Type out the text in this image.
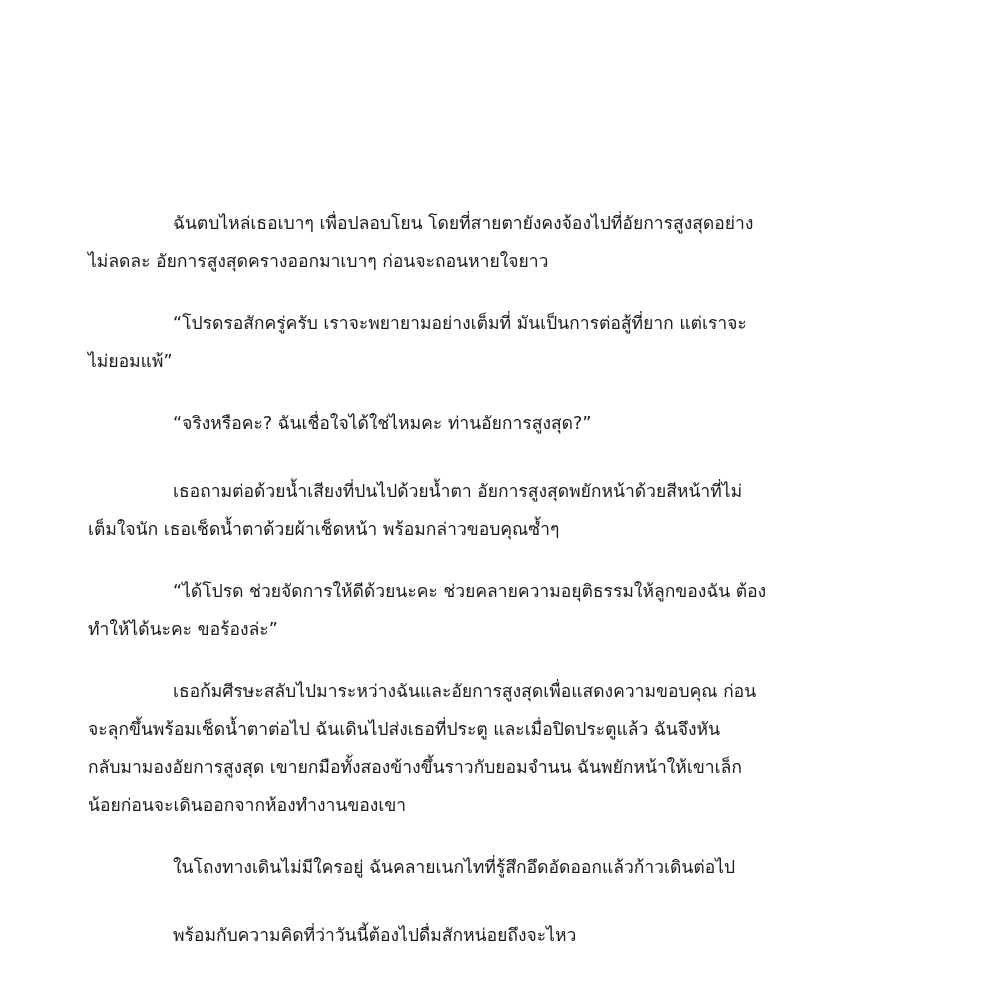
ฉันตบไหล่เธอเบาๆ เพื่อปลอบโยน โดยที่สายตายังคงจ้องไปที่อัยการสูงสุดอย่าง
ไม่ลดละ อัยการสูงสุดครางออกมาเบาๆ ก่อนจะถอนหายใจยาว

“โปรดรอสักครู่ครับ เราจะพยายามอย่างเต็มที่ มันเป็นการต่อสู้ที่ยาก แต่เราจะ
ไม่ยอมแพ้”

“จริงหรือคะ? ฉันเชื่อใจได้ใช่ไหมคะ ท่านอัยการสูงสุด?”

เธอถามต่อด้วยน้ำเสียงที่ปนไปด้วยน้ำตา อัยการสูงสุดพยักหน้าด้วยสีหน้าที่ไม่
เต็มใจนัก เธอเช็ดน้ำตาด้วยผ้าเช็ดหน้า พร้อมกล่าวขอบคุณซ้ำๆ

“ได้โปรด ช่วยจัดการให้ดีด้วยนะคะ ช่วยคลายความอยุติธรรมให้ลูกของฉัน ต้อง
ทำให้ได้นะคะ ขอร้องล่ะ”

เธอก้มศีรษะสลับไปมาระหว่างฉันและอัยการสูงสุดเพื่อแสดงความขอบคุณ ก่อน
จะลุกขึ้นพร้อมเช็ดน้ำตาต่อไป ฉันเดินไปส่งเธอที่ประตู และเมื่อปิดประตูแล้ว ฉันจึงหัน
กลับมามองอัยการสูงสุด เขายกมือทั้งสองข้างขึ้นราวกับยอมจำนน ฉันพยักหน้าให้เขาเล็ก
น้อยก่อนจะเดินออกจากห้องทำงานของเขา

ในโถงทางเดินไม่มีใครอยู่ ฉันคลายเนกไทที่รู้สึกอึดอัดออกแล้วก้าวเดินต่อไป

พร้อมกับความคิดที่ว่าวันนี้ต้องไปดื่มสักหน่อยถึงจะไหว
